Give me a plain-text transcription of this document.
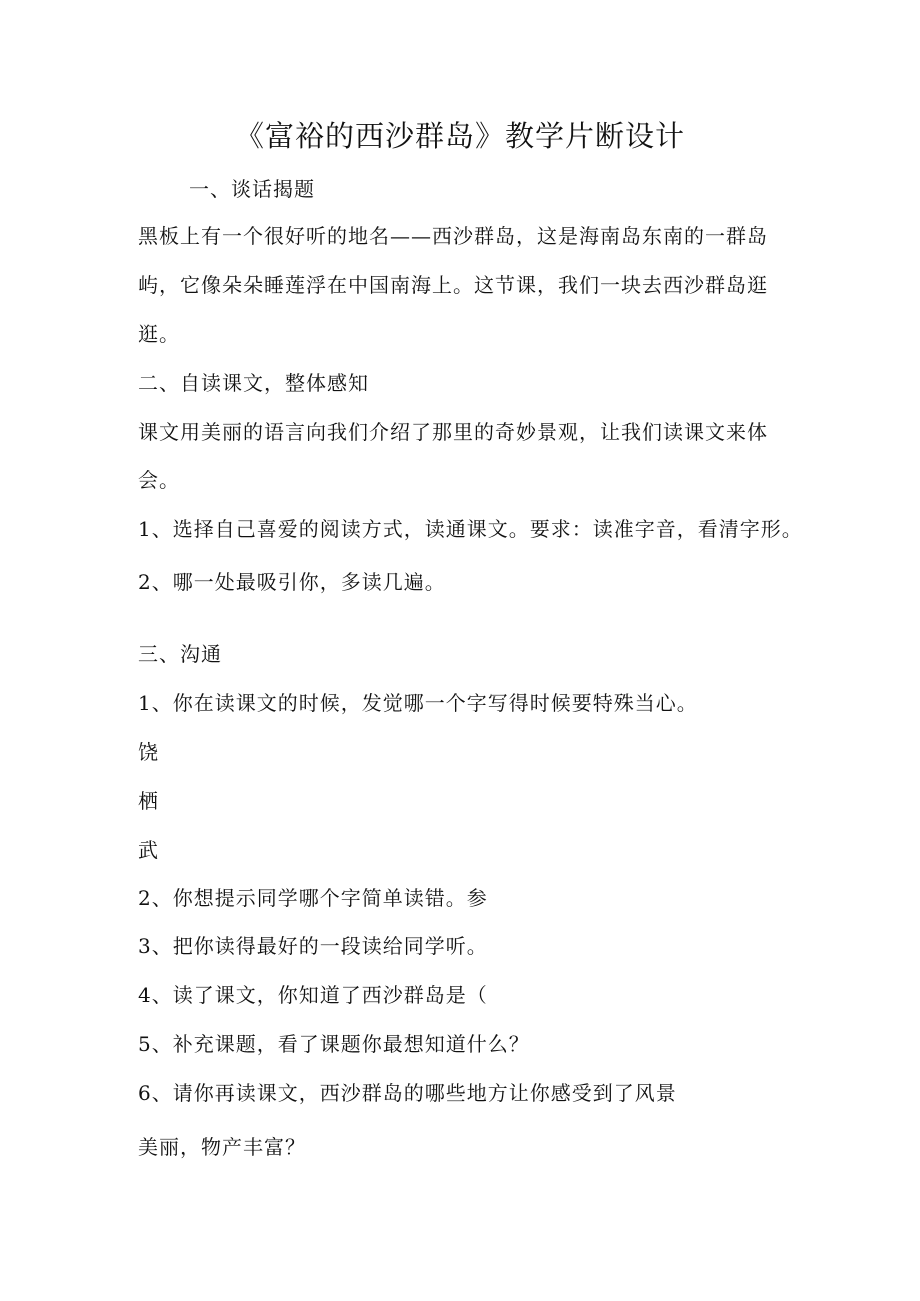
《富裕的西沙群岛》教学片断设计
一、谈话揭题
黑板上有一个很好听的地名——西沙群岛，这是海南岛东南的一群岛
屿，它像朵朵睡莲浮在中国南海上。这节课，我们一块去西沙群岛逛
逛。
二、自读课文，整体感知
课文用美丽的语言向我们介绍了那里的奇妙景观，让我们读课文来体
会。
1、选择自己喜爱的阅读方式，读通课文。要求：读准字音，看清字形。
2、哪一处最吸引你，多读几遍。
三、沟通
1、你在读课文的时候，发觉哪一个字写得时候要特殊当心。
饶
栖
武
2、你想提示同学哪个字简单读错。参
3、把你读得最好的一段读给同学听。
4、读了课文，你知道了西沙群岛是（
5、补充课题，看了课题你最想知道什么？
6、请你再读课文，西沙群岛的哪些地方让你感受到了风景
美丽，物产丰富？
